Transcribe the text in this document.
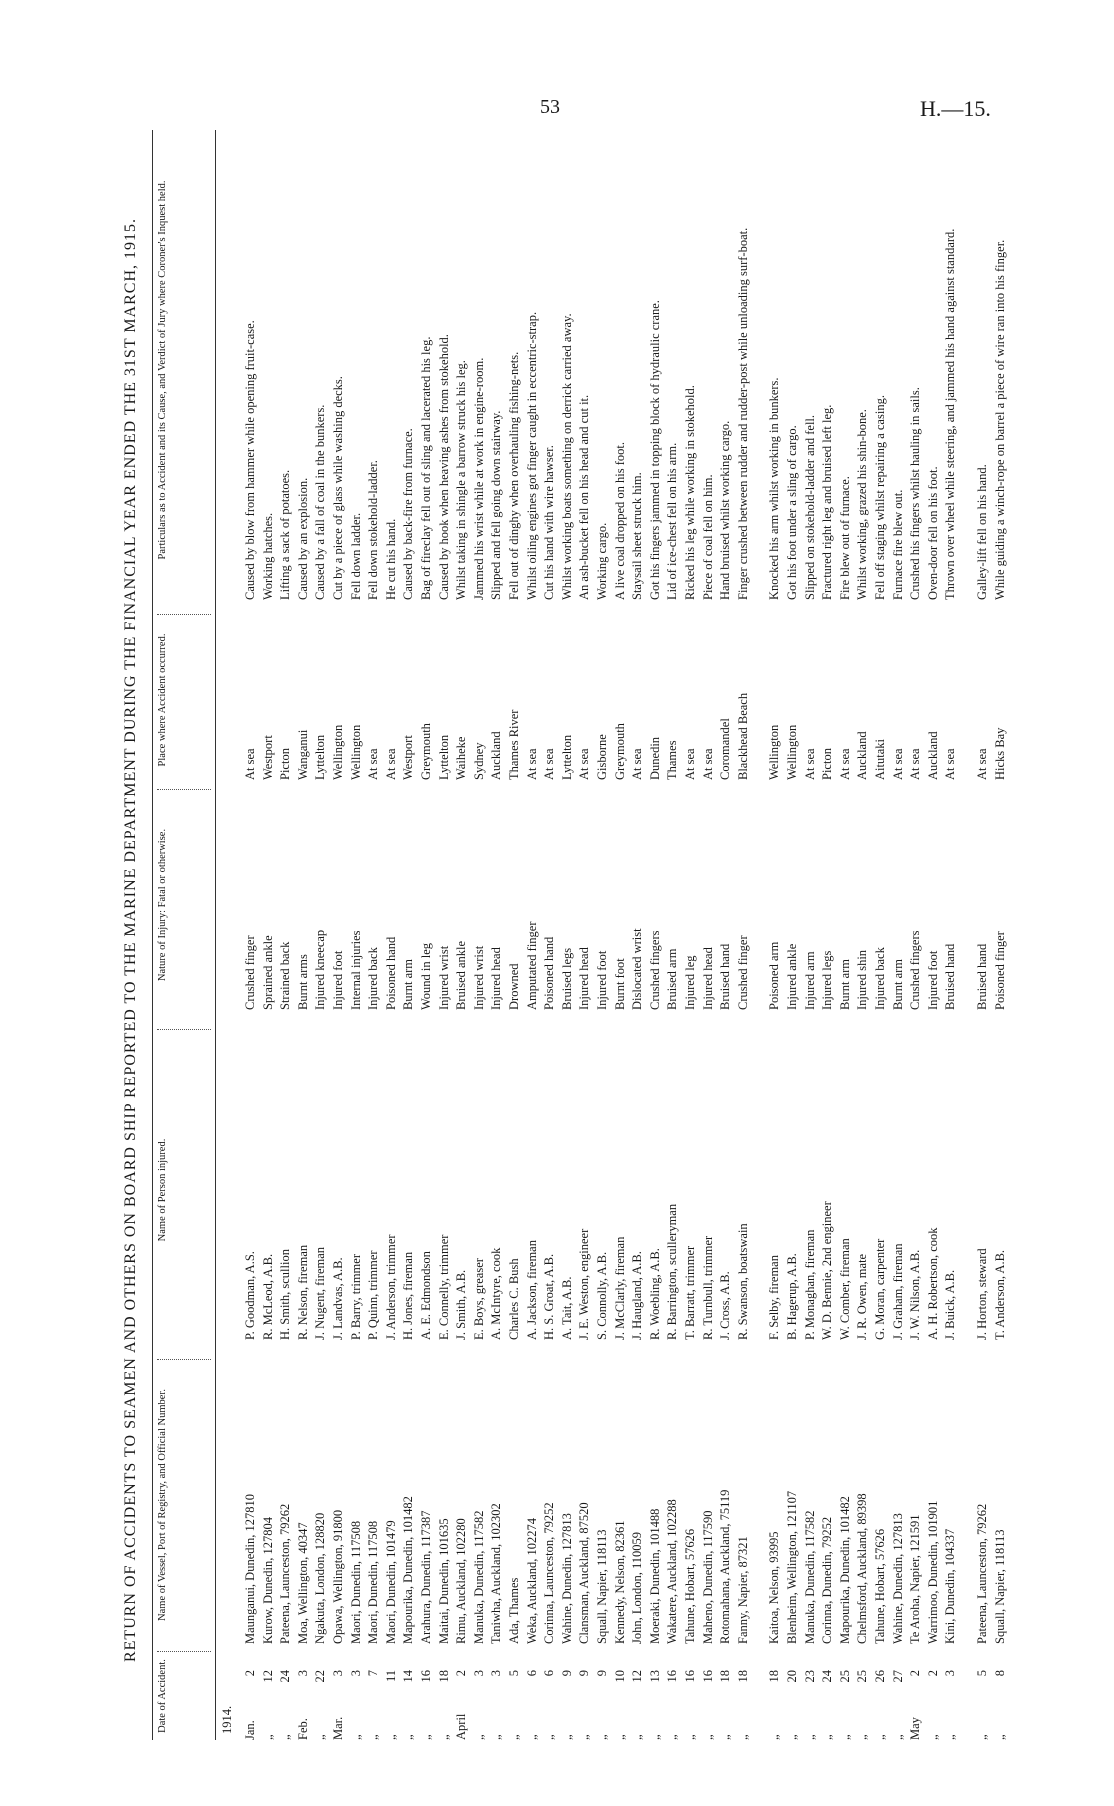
53	H.—15.
RETURN OF ACCIDENTS TO SEAMEN AND OTHERS ON BOARD SHIP REPORTED TO THE MARINE DEPARTMENT DURING THE FINANCIAL YEAR ENDED THE 31ST MARCH, 1915.
Date of Accident.
Name of Vessel, Port of Registry, and Official Number.
Name of Person injured.
Nature of Injury: Fatal or otherwise.
Place where Accident occurred.
Particulars as to Accident and its Cause, and Verdict of Jury where Coroner's Inquest held.
1914. Jan.
2
Maunganui, Dunedin, 127810
P. Goodman, A.S.
Crushed finger
At sea
Caused by blow from hammer while opening fruit-case.
„
12
Kurow, Dunedin, 127804
R. McLeod, A.B.
Sprained ankle
Westport
Working hatches.
„
24
Pateena, Launceston, 79262
H. Smith, scullion
Strained back
Picton
Lifting a sack of potatoes.
Feb.
3
Moa, Wellington, 40347
R. Nelson, fireman
Burnt arms
Wanganui
Caused by an explosion.
„
22
Ngakuta, London, 128820
J. Nugent, fireman
Injured kneecap
Lyttelton
Caused by a fall of coal in the bunkers.
Mar.
3
Opawa, Wellington, 91800
J. Landvas, A.B.
Injured foot
Wellington
Cut by a piece of glass while washing decks.
„
3
Maori, Dunedin, 117508
P. Barry, trimmer
Internal injuries
Wellington
Fell down ladder.
„
7
Maori, Dunedin, 117508
P. Quinn, trimmer
Injured back
At sea
Fell down stokehold-ladder.
„
11
Maori, Dunedin, 101479
J. Anderson, trimmer
Poisoned hand
At sea
He cut his hand.
„
14
Mapourika, Dunedin, 101482
H. Jones, fireman
Burnt arm
Westport
Caused by back-fire from furnace.
„
16
Arahura, Dunedin, 117387
A. E. Edmondson
Wound in leg
Greymouth
Bag of fireclay fell out of sling and lacerated his leg.
„
18
Maitai, Dunedin, 101635
E. Connelly, trimmer
Injured wrist
Lyttelton
Caused by hook when heaving ashes from stokehold.
April
2
Rimu, Auckland, 102280
J. Smith, A.B.
Bruised ankle
Waiheke
Whilst taking in shingle a barrow struck his leg.
„
3
Manuka, Dunedin, 117582
E. Boys, greaser
Injured wrist
Sydney
Jammed his wrist while at work in engine-room.
„
3
Taniwha, Auckland, 102302
A. McIntyre, cook
Injured head
Auckland
Slipped and fell going down stairway.
„
5
Ada, Thames
Charles C. Bush
Drowned
Thames River
Fell out of dinghy when overhauling fishing-nets.
„
6
Weka, Auckland, 102274
A. Jackson, fireman
Amputated finger
At sea
Whilst oiling engines got finger caught in eccentric-strap.
„
6
Corinna, Launceston, 79252
H. S. Groat, A.B.
Poisoned hand
At sea
Cut his hand with wire hawser.
„
9
Wahine, Dunedin, 127813
A. Tait, A.B.
Bruised legs
Lyttelton
Whilst working boats something on derrick carried away.
„
9
Clansman, Auckland, 87520
J. E. Weston, engineer
Injured head
At sea
An ash-bucket fell on his head and cut it.
„
9
Squall, Napier, 118113
S. Connolly, A.B.
Injured foot
Gisborne
Working cargo.
„
10
Kennedy, Nelson, 82361
J. McClarly, fireman
Burnt foot
Greymouth
A live coal dropped on his foot.
„
12
John, London, 110059
J. Haugland, A.B.
Dislocated wrist
At sea
Staysail sheet struck him.
„
13
Moeraki, Dunedin, 101488
R. Woebling, A.B.
Crushed fingers
Dunedin
Got his fingers jammed in topping block of hydraulic crane.
„
16
Wakatere, Auckland, 102288
R. Barrington, sculleryman
Bruised arm
Thames
Lid of ice-chest fell on his arm.
„
16
Tahune, Hobart, 57626
T. Barratt, trimmer
Injured leg
At sea
Ricked his leg while working in stokehold.
„
16
Maheno, Dunedin, 117590
R. Turnbull, trimmer
Injured head
At sea
Piece of coal fell on him.
„
18
Rotomahana, Auckland, 75119
J. Cross, A.B.
Bruised hand
Coromandel
Hand bruised whilst working cargo.
„
18
Fanny, Napier, 87321
R. Swanson, boatswain
Crushed finger
Blackhead Beach
Finger crushed between rudder and rudder-post while unloading surf-boat.
„
18
Kaitoa, Nelson, 93995
F. Selby, fireman
Poisoned arm
Wellington
Knocked his arm whilst working in bunkers.
„
20
Blenheim, Wellington, 121107
B. Hagerup, A.B.
Injured ankle
Wellington
Got his foot under a sling of cargo.
„
23
Manuka, Dunedin, 117582
P. Monaghan, fireman
Injured arm
At sea
Slipped on stokehold-ladder and fell.
„
24
Corinna, Dunedin, 79252
W. D. Bennie, 2nd engineer
Injured legs
Picton
Fractured right leg and bruised left leg.
„
25
Mapourika, Dunedin, 101482
W. Comber, fireman
Burnt arm
At sea
Fire blew out of furnace.
„
25
Chelmsford, Auckland, 89398
J. R. Owen, mate
Injured shin
Auckland
Whilst working, grazed his shin-bone.
„
26
Tahune, Hobart, 57626
G. Moran, carpenter
Injured back
Aitutaki
Fell off staging whilst repairing a casing.
„
27
Wahine, Dunedin, 127813
J. Graham, fireman
Burnt arm
At sea
Furnace fire blew out.
May
2
Te Aroha, Napier, 121591
J. W. Nilson, A.B.
Crushed fingers
At sea
Crushed his fingers whilst hauling in sails.
„
2
Warrimoo, Dunedin, 101901
A. H. Robertson, cook
Injured foot
Auckland
Oven-door fell on his foot.
„
3
Kini, Dunedin, 104337
J. Buick, A.B.
Bruised hand
At sea
Thrown over wheel while steering, and jammed his hand against standard.
„
5
Pateena, Launceston, 79262
J. Horton, steward
Bruised hand
At sea
Galley-lift fell on his hand.
„
8
Squall, Napier, 118113
T. Anderson, A.B.
Poisoned finger
Hicks Bay
While guiding a winch-rope on barrel a piece of wire ran into his finger.
